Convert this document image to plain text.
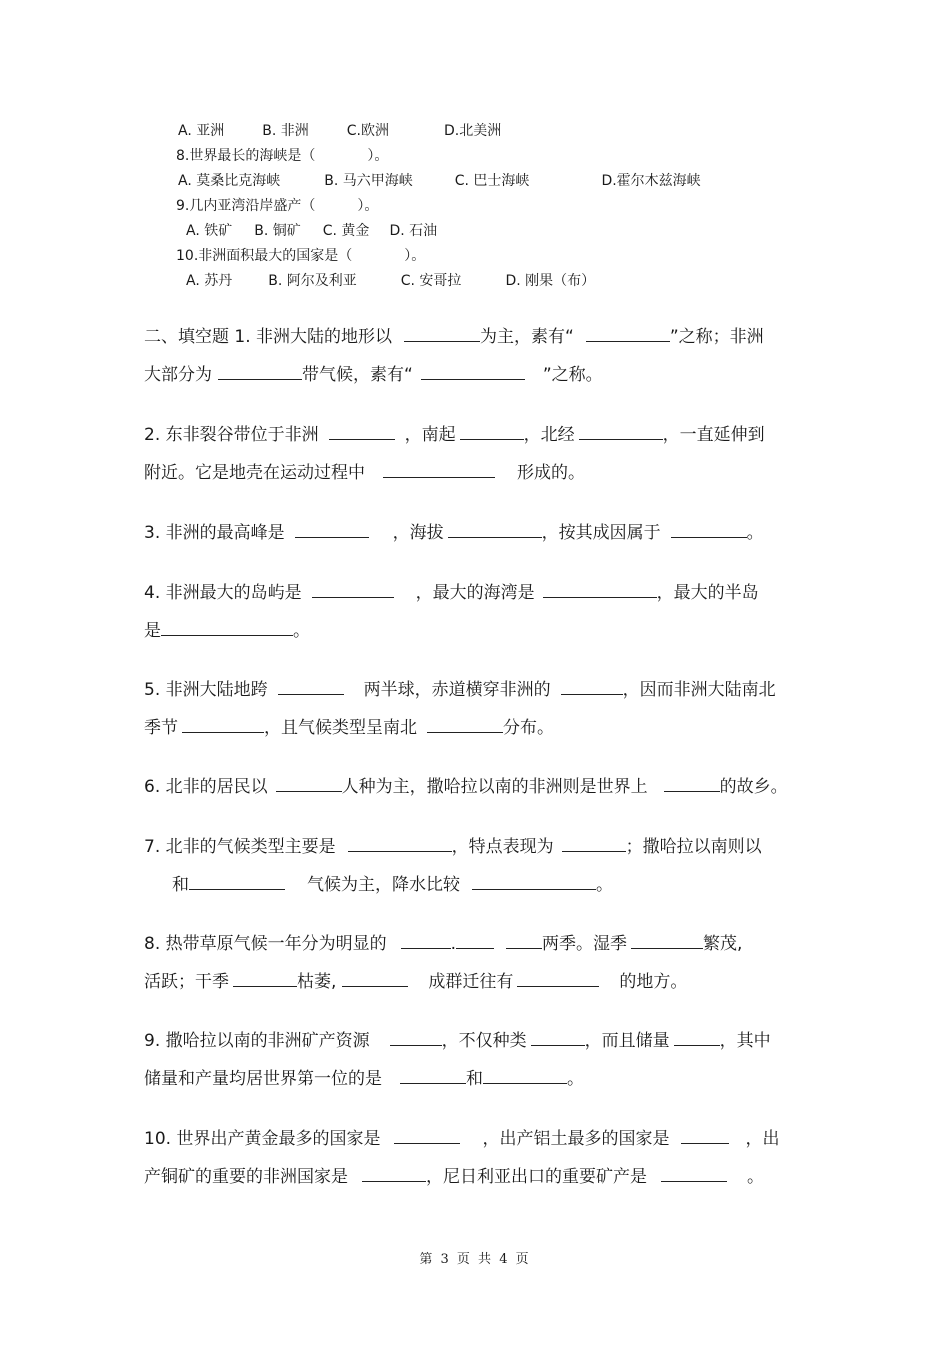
A. 亚洲	B. 非洲	C.欧洲	D.北美洲
8.世界最长的海峡是（	）。
A. 莫桑比克海峡	B. 马六甲海峡	C. 巴士海峡	D.霍尔木兹海峡
9.几内亚湾沿岸盛产（	）。
A. 铁矿 B. 铜矿 C. 黄金 D. 石油
10.非洲面积最大的国家是（	）。
A. 苏丹	B. 阿尔及利亚	C. 安哥拉	D. 刚果（布）
二、填空题 1. 非洲大陆的地形以	为主，素有“	”之称；非洲
大部分为	带气候，素有“	”之称。
2. 东非裂谷带位于非洲	，南起	，北经	，一直延伸到
附近。它是地壳在运动过程中	形成的。
3. 非洲的最高峰是	，海拔	，按其成因属于	。
4. 非洲最大的岛屿是	，最大的海湾是	，最大的半岛
是	。
5. 非洲大陆地跨	两半球，赤道横穿非洲的	，因而非洲大陆南北
季节	，且气候类型呈南北	分布。
6. 北非的居民以	人种为主，撒哈拉以南的非洲则是世界上	的故乡。
7. 北非的气候类型主要是	，特点表现为	；撒哈拉以南则以
和	气候为主，降水比较	。
8. 热带草原气候一年分为明显的	.	两季。湿季	繁茂,
活跃；干季	枯萎,	成群迁往有	的地方。
9. 撒哈拉以南的非洲矿产资源	，不仅种类	，而且储量	，其中
储量和产量均居世界第一位的是	和	。
10. 世界出产黄金最多的国家是	，出产铝土最多的国家是	，出
产铜矿的重要的非洲国家是	，尼日利亚出口的重要矿产是	。
第 3 页 共 4 页
